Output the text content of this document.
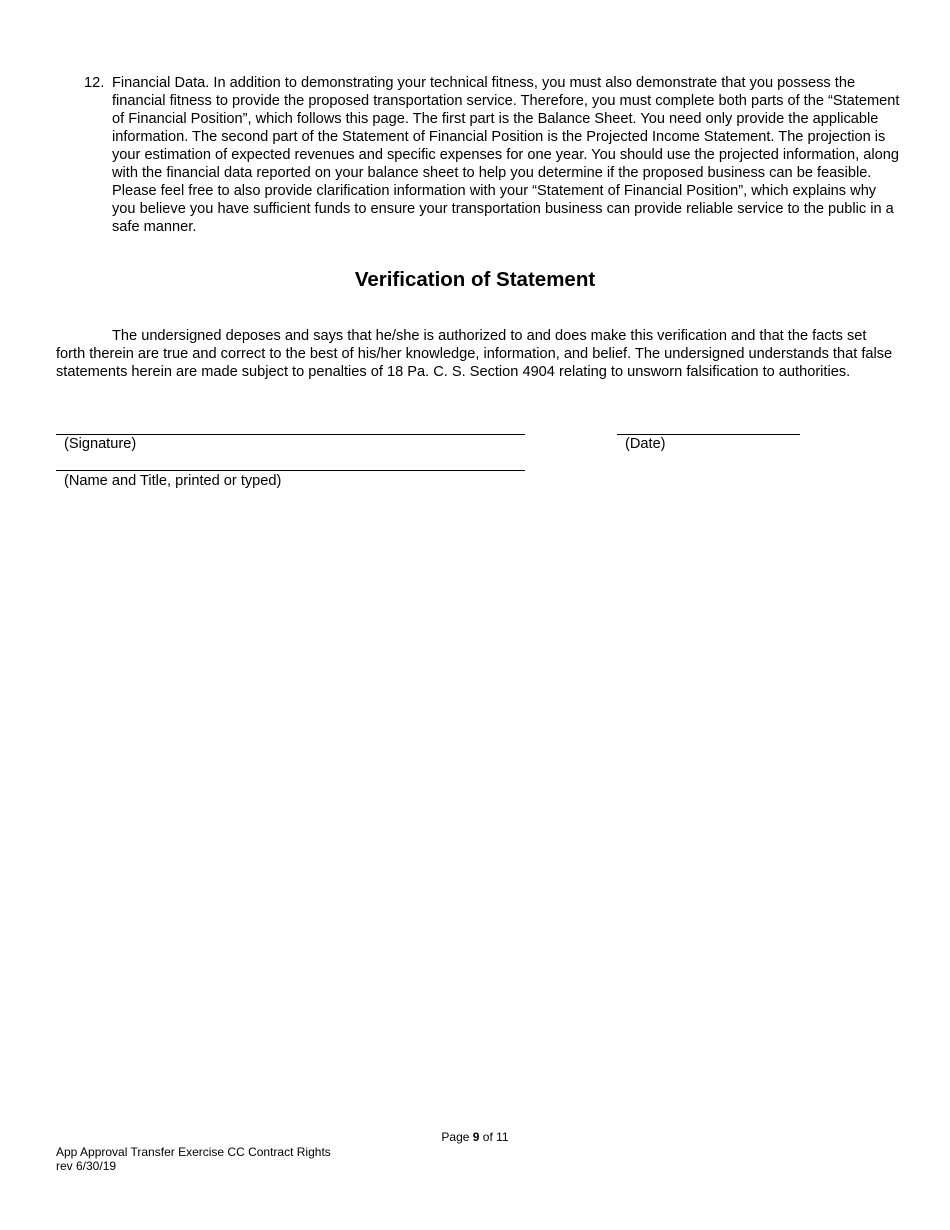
12. Financial Data. In addition to demonstrating your technical fitness, you must also demonstrate that you possess the financial fitness to provide the proposed transportation service. Therefore, you must complete both parts of the “Statement of Financial Position”, which follows this page. The first part is the Balance Sheet. You need only provide the applicable information. The second part of the Statement of Financial Position is the Projected Income Statement. The projection is your estimation of expected revenues and specific expenses for one year. You should use the projected information, along with the financial data reported on your balance sheet to help you determine if the proposed business can be feasible. Please feel free to also provide clarification information with your “Statement of Financial Position”, which explains why you believe you have sufficient funds to ensure your transportation business can provide reliable service to the public in a safe manner.
Verification of Statement

The undersigned deposes and says that he/she is authorized to and does make this verification and that the facts set forth therein are true and correct to the best of his/her knowledge, information, and belief. The undersigned understands that false statements herein are made subject to penalties of 18 Pa. C. S. Section 4904 relating to unsworn falsification to authorities.

(Signature)	(Date)
(Name and Title, printed or typed)
Page 9 of 11
App Approval Transfer Exercise CC Contract Rights
rev 6/30/19
